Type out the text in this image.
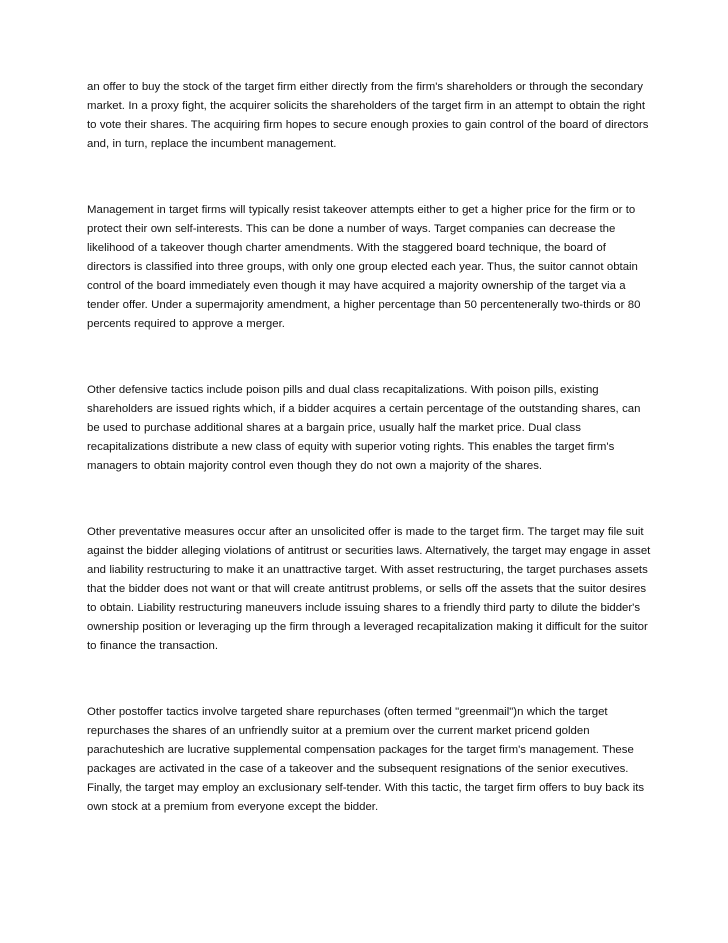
an offer to buy the stock of the target firm either directly from the firm's shareholders or through the secondary market. In a proxy fight, the acquirer solicits the shareholders of the target firm in an attempt to obtain the right to vote their shares. The acquiring firm hopes to secure enough proxies to gain control of the board of directors and, in turn, replace the incumbent management.

Management in target firms will typically resist takeover attempts either to get a higher price for the firm or to protect their own self-interests. This can be done a number of ways. Target companies can decrease the likelihood of a takeover though charter amendments. With the staggered board technique, the board of directors is classified into three groups, with only one group elected each year. Thus, the suitor cannot obtain control of the board immediately even though it may have acquired a majority ownership of the target via a tender offer. Under a supermajority amendment, a higher percentage than 50 percentenerally two-thirds or 80 percents required to approve a merger.

Other defensive tactics include poison pills and dual class recapitalizations. With poison pills, existing shareholders are issued rights which, if a bidder acquires a certain percentage of the outstanding shares, can be used to purchase additional shares at a bargain price, usually half the market price. Dual class recapitalizations distribute a new class of equity with superior voting rights. This enables the target firm's managers to obtain majority control even though they do not own a majority of the shares.

Other preventative measures occur after an unsolicited offer is made to the target firm. The target may file suit against the bidder alleging violations of antitrust or securities laws. Alternatively, the target may engage in asset and liability restructuring to make it an unattractive target. With asset restructuring, the target purchases assets that the bidder does not want or that will create antitrust problems, or sells off the assets that the suitor desires to obtain. Liability restructuring maneuvers include issuing shares to a friendly third party to dilute the bidder's ownership position or leveraging up the firm through a leveraged recapitalization making it difficult for the suitor to finance the transaction.

Other postoffer tactics involve targeted share repurchases (often termed "greenmail")n which the target repurchases the shares of an unfriendly suitor at a premium over the current market pricend golden parachuteshich are lucrative supplemental compensation packages for the target firm's management. These packages are activated in the case of a takeover and the subsequent resignations of the senior executives. Finally, the target may employ an exclusionary self-tender. With this tactic, the target firm offers to buy back its own stock at a premium from everyone except the bidder.
